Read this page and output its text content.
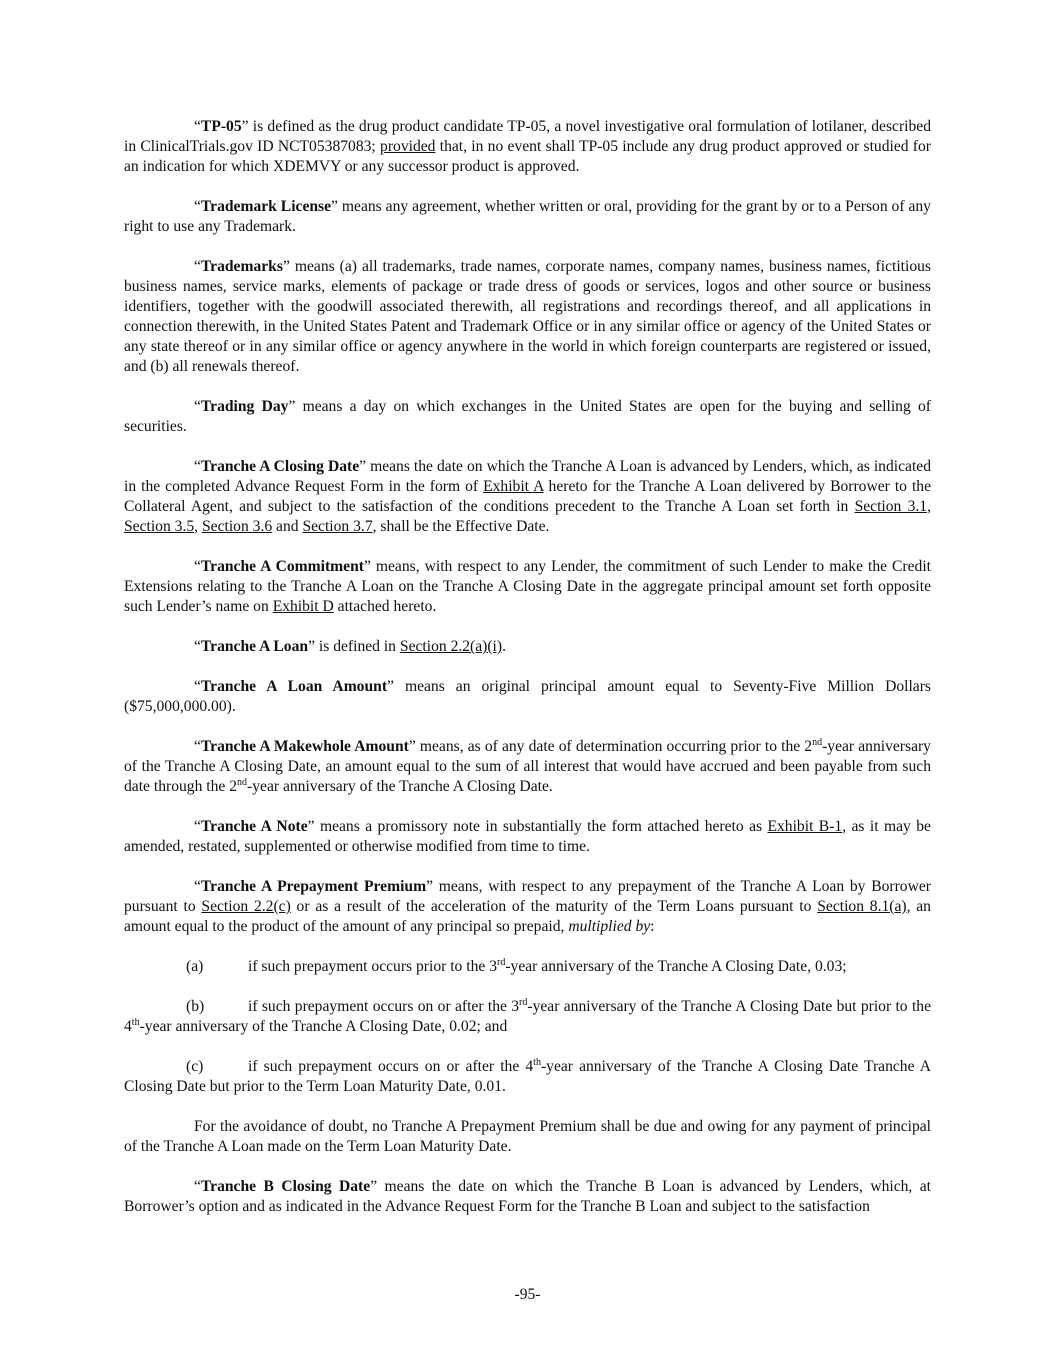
“TP-05” is defined as the drug product candidate TP-05, a novel investigative oral formulation of lotilaner, described in ClinicalTrials.gov ID NCT05387083; provided that, in no event shall TP-05 include any drug product approved or studied for an indication for which XDEMVY or any successor product is approved.

“Trademark License” means any agreement, whether written or oral, providing for the grant by or to a Person of any right to use any Trademark.

“Trademarks” means (a) all trademarks, trade names, corporate names, company names, business names, fictitious business names, service marks, elements of package or trade dress of goods or services, logos and other source or business identifiers, together with the goodwill associated therewith, all registrations and recordings thereof, and all applications in connection therewith, in the United States Patent and Trademark Office or in any similar office or agency of the United States or any state thereof or in any similar office or agency anywhere in the world in which foreign counterparts are registered or issued, and (b) all renewals thereof.

“Trading Day” means a day on which exchanges in the United States are open for the buying and selling of securities.

“Tranche A Closing Date” means the date on which the Tranche A Loan is advanced by Lenders, which, as indicated in the completed Advance Request Form in the form of Exhibit A hereto for the Tranche A Loan delivered by Borrower to the Collateral Agent, and subject to the satisfaction of the conditions precedent to the Tranche A Loan set forth in Section 3.1, Section 3.5, Section 3.6 and Section 3.7, shall be the Effective Date.

“Tranche A Commitment” means, with respect to any Lender, the commitment of such Lender to make the Credit Extensions relating to the Tranche A Loan on the Tranche A Closing Date in the aggregate principal amount set forth opposite such Lender’s name on Exhibit D attached hereto.

“Tranche A Loan” is defined in Section 2.2(a)(i).

“Tranche A Loan Amount” means an original principal amount equal to Seventy-Five Million Dollars ($75,000,000.00).

“Tranche A Makewhole Amount” means, as of any date of determination occurring prior to the 2nd-year anniversary of the Tranche A Closing Date, an amount equal to the sum of all interest that would have accrued and been payable from such date through the 2nd-year anniversary of the Tranche A Closing Date.

“Tranche A Note” means a promissory note in substantially the form attached hereto as Exhibit B-1, as it may be amended, restated, supplemented or otherwise modified from time to time.

“Tranche A Prepayment Premium” means, with respect to any prepayment of the Tranche A Loan by Borrower pursuant to Section 2.2(c) or as a result of the acceleration of the maturity of the Term Loans pursuant to Section 8.1(a), an amount equal to the product of the amount of any principal so prepaid, multiplied by:

(a)	if such prepayment occurs prior to the 3rd-year anniversary of the Tranche A Closing Date, 0.03;

(b)	if such prepayment occurs on or after the 3rd-year anniversary of the Tranche A Closing Date but prior to the 4th-year anniversary of the Tranche A Closing Date, 0.02; and

(c)	if such prepayment occurs on or after the 4th-year anniversary of the Tranche A Closing Date Tranche A Closing Date but prior to the Term Loan Maturity Date, 0.01.

For the avoidance of doubt, no Tranche A Prepayment Premium shall be due and owing for any payment of principal of the Tranche A Loan made on the Term Loan Maturity Date.

“Tranche B Closing Date” means the date on which the Tranche B Loan is advanced by Lenders, which, at Borrower’s option and as indicated in the Advance Request Form for the Tranche B Loan and subject to the satisfaction

-95-
